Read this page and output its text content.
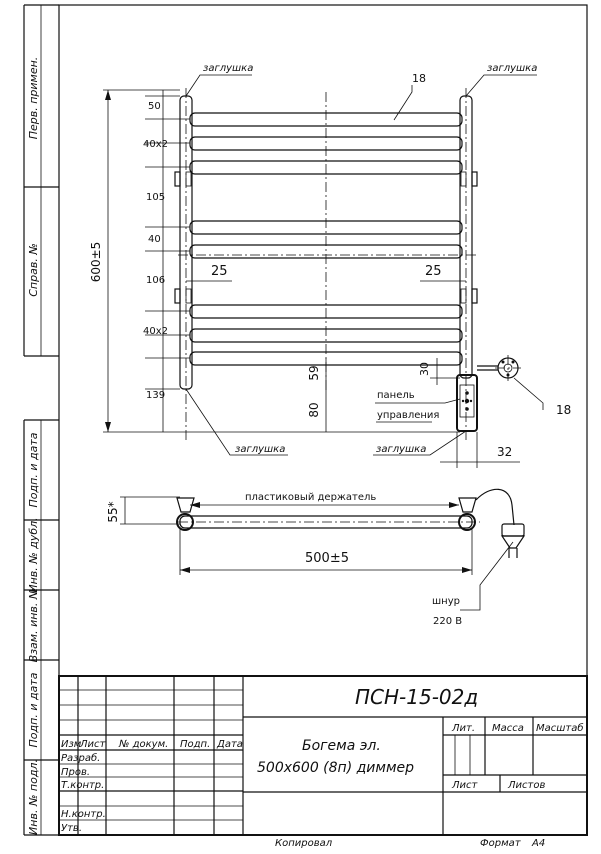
Перв. примен.
Справ. №
Подп. и дата
Инв. № дубл.
Взам. инв. №
Подп. и дата
Инв. № подл.
заглушка	заглушка
заглушка	заглушка
панель
управления
600±5
50
40x2
105
40
106
40x2
139
18
18
25	25
59
80
30
32
55*
пластиковый держатель
500±5
шнур
220 В
ПСН-15-02д
Богема эл.
500х600 (8п) диммер
Изм
Лист № докум. Подп. Дата
Разраб.
Пров.
Т.контр.
Н.контр.
Утв.
Лит. Масса Масштаб
Лист	Листов
Копировал	Формат А4
